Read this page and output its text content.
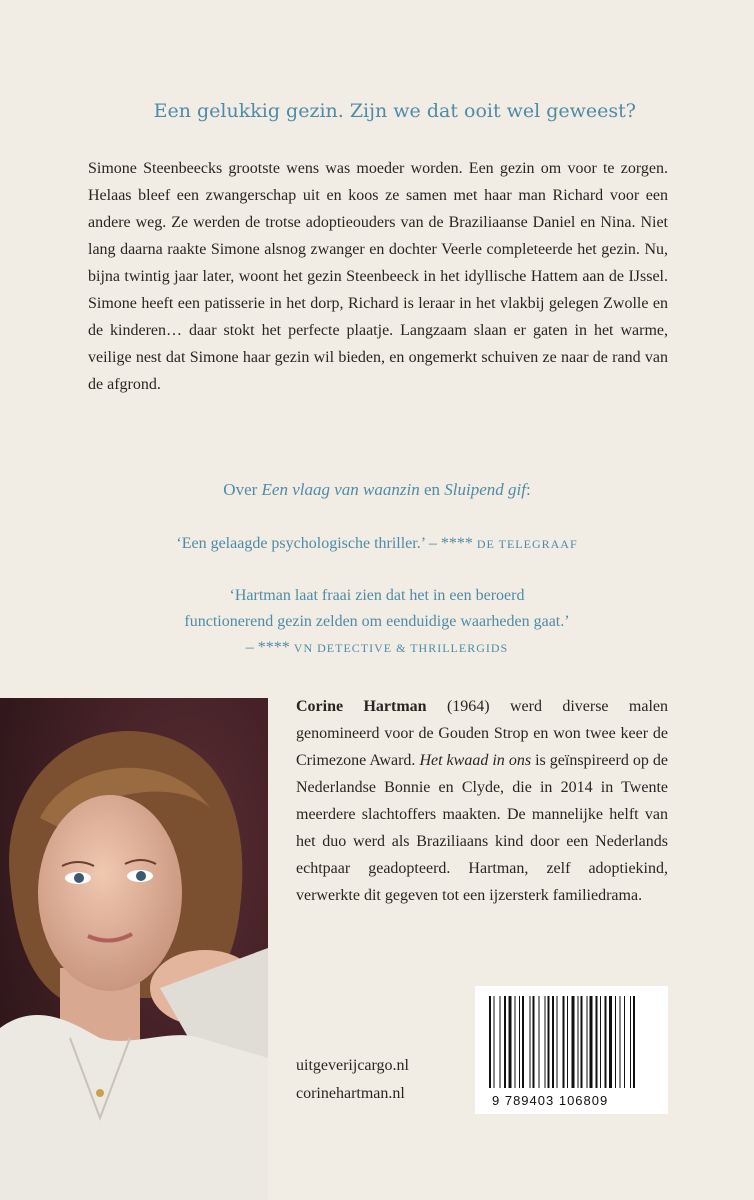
Een gelukkig gezin. Zijn we dat ooit wel geweest?
Simone Steenbeecks grootste wens was moeder worden. Een gezin om voor te zorgen. Helaas bleef een zwangerschap uit en koos ze samen met haar man Richard voor een andere weg. Ze werden de trotse adoptieouders van de Braziliaanse Daniel en Nina. Niet lang daarna raakte Simone alsnog zwanger en dochter Veerle completeerde het gezin. Nu, bijna twintig jaar later, woont het gezin Steenbeeck in het idyllische Hattem aan de IJssel. Simone heeft een patisserie in het dorp, Richard is leraar in het vlakbij gelegen Zwolle en de kinderen… daar stokt het perfecte plaatje. Langzaam slaan er gaten in het warme, veilige nest dat Simone haar gezin wil bieden, en ongemerkt schuiven ze naar de rand van de afgrond.
Over Een vlaag van waanzin en Sluipend gif:
‘Een gelaagde psychologische thriller.’ – **** DE TELEGRAAF
‘Hartman laat fraai zien dat het in een beroerd
functionerend gezin zelden om eenduidige waarheden gaat.’
– **** VN DETECTIVE & THRILLERGIDS
Corine Hartman (1964) werd diverse malen genomineerd voor de Gouden Strop en won twee keer de Crimezone Award. Het kwaad in ons is geïnspireerd op de Nederlandse Bonnie en Clyde, die in 2014 in Twente meerdere slachtoffers maakten. De mannelijke helft van het duo werd als Braziliaans kind door een Nederlands echtpaar geadopteerd. Hartman, zelf adoptiekind, verwerkte dit gegeven tot een ijzersterk familiedrama.
9 789403 106809
uitgeverijcargo.nl
corinehartman.nl
